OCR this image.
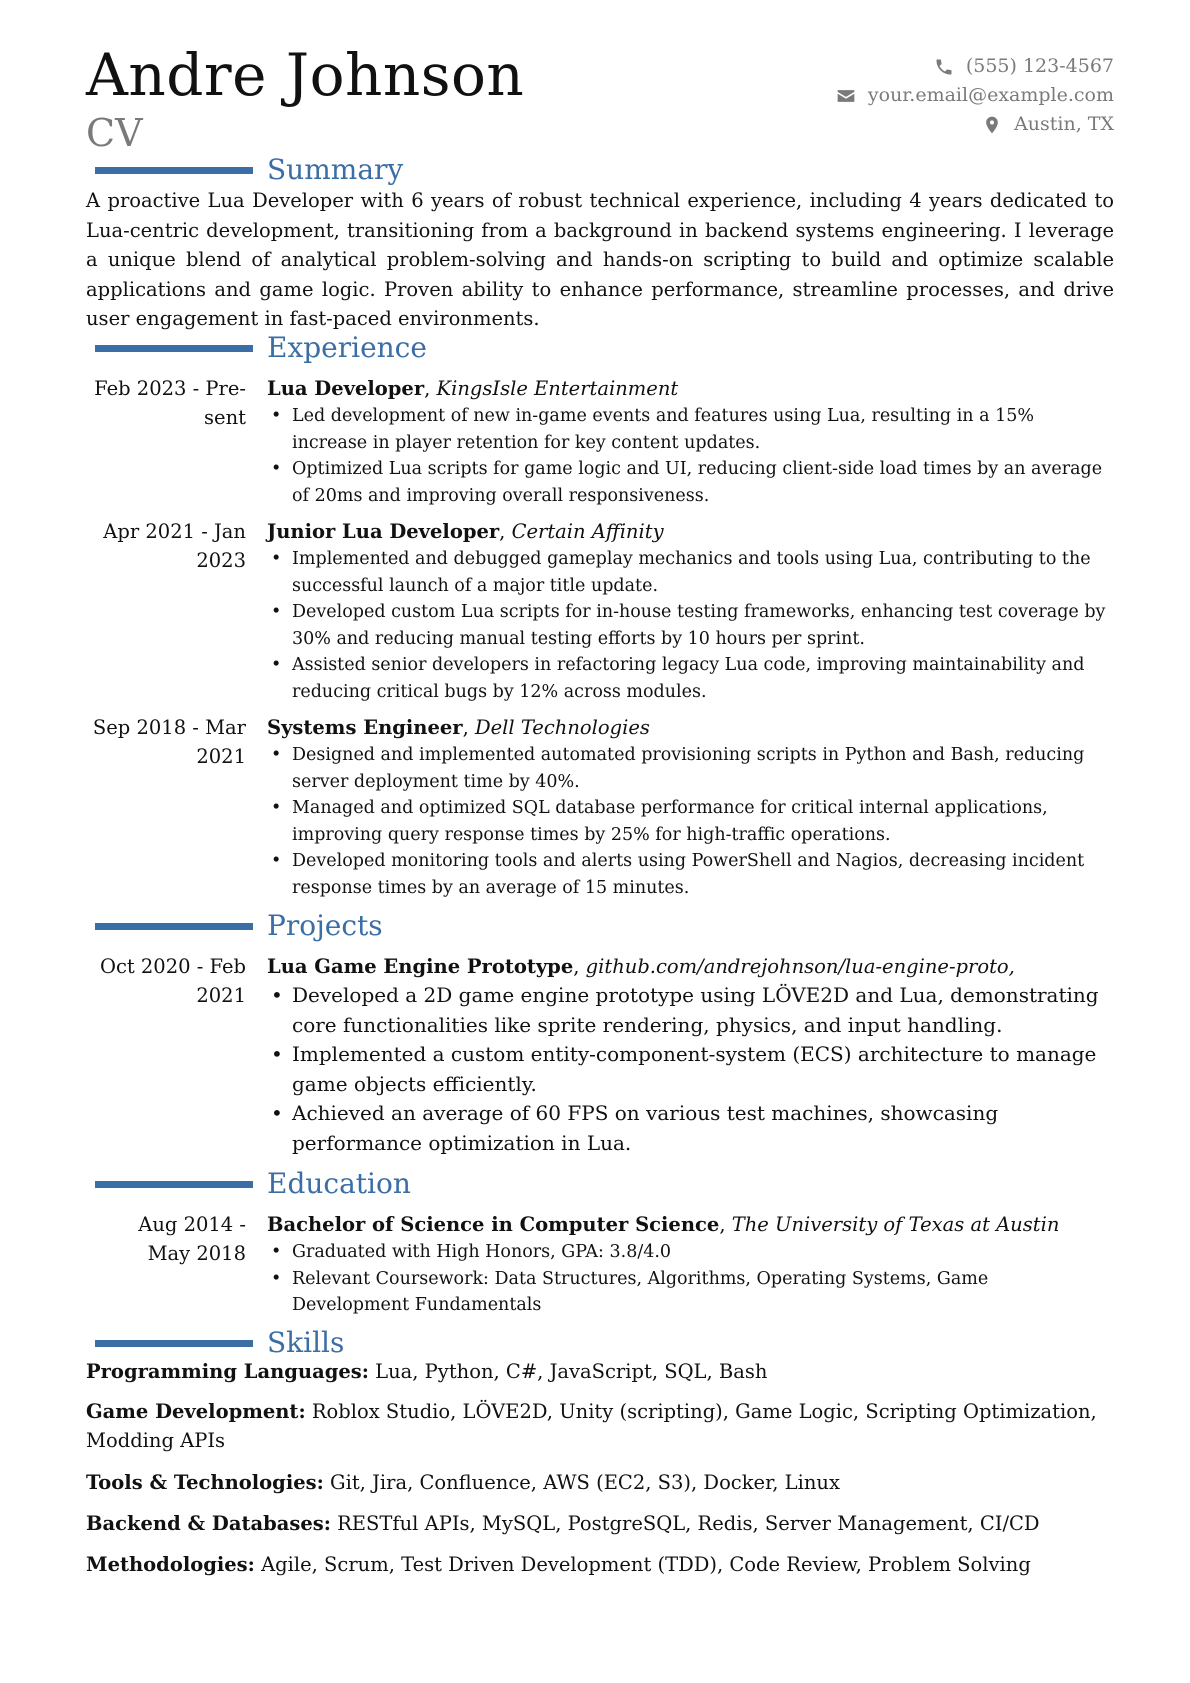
Andre Johnson
CV
(555) 123-4567
your.email@example.com
Austin, TX
Summary
A proactive Lua Developer with 6 years of robust technical experience, including 4 years dedicated to Lua-centric development, transitioning from a background in backend systems engineering. I leverage a unique blend of analytical problem-solving and hands-on scripting to build and optimize scalable applications and game logic. Proven ability to enhance performance, streamline processes, and drive user engagement in fast-paced environments.
Experience
Feb 2023 - Pre-
sent
Lua Developer, KingsIsle Entertainment
• Led development of new in-game events and features using Lua, resulting in a 15% increase in player retention for key content updates.
• Optimized Lua scripts for game logic and UI, reducing client-side load times by an average of 20ms and improving overall responsiveness.
Apr 2021 - Jan
2023
Junior Lua Developer, Certain Affinity
• Implemented and debugged gameplay mechanics and tools using Lua, contributing to the successful launch of a major title update.
• Developed custom Lua scripts for in-house testing frameworks, enhancing test coverage by 30% and reducing manual testing efforts by 10 hours per sprint.
• Assisted senior developers in refactoring legacy Lua code, improving maintainability and reducing critical bugs by 12% across modules.
Sep 2018 - Mar
2021
Systems Engineer, Dell Technologies
• Designed and implemented automated provisioning scripts in Python and Bash, reducing server deployment time by 40%.
• Managed and optimized SQL database performance for critical internal applications, improving query response times by 25% for high-traffic operations.
• Developed monitoring tools and alerts using PowerShell and Nagios, decreasing incident response times by an average of 15 minutes.
Projects
Oct 2020 - Feb
2021
Lua Game Engine Prototype, github.com/andrejohnson/lua-engine-proto,
• Developed a 2D game engine prototype using LÖVE2D and Lua, demonstrating core functionalities like sprite rendering, physics, and input handling.
• Implemented a custom entity-component-system (ECS) architecture to manage game objects efficiently.
• Achieved an average of 60 FPS on various test machines, showcasing performance optimization in Lua.
Education
Aug 2014 -
May 2018
Bachelor of Science in Computer Science, The University of Texas at Austin
• Graduated with High Honors, GPA: 3.8/4.0
• Relevant Coursework: Data Structures, Algorithms, Operating Systems, Game Development Fundamentals
Skills
Programming Languages: Lua, Python, C#, JavaScript, SQL, Bash
Game Development: Roblox Studio, LÖVE2D, Unity (scripting), Game Logic, Scripting Optimization, Modding APIs
Tools & Technologies: Git, Jira, Confluence, AWS (EC2, S3), Docker, Linux
Backend & Databases: RESTful APIs, MySQL, PostgreSQL, Redis, Server Management, CI/CD
Methodologies: Agile, Scrum, Test Driven Development (TDD), Code Review, Problem Solving
